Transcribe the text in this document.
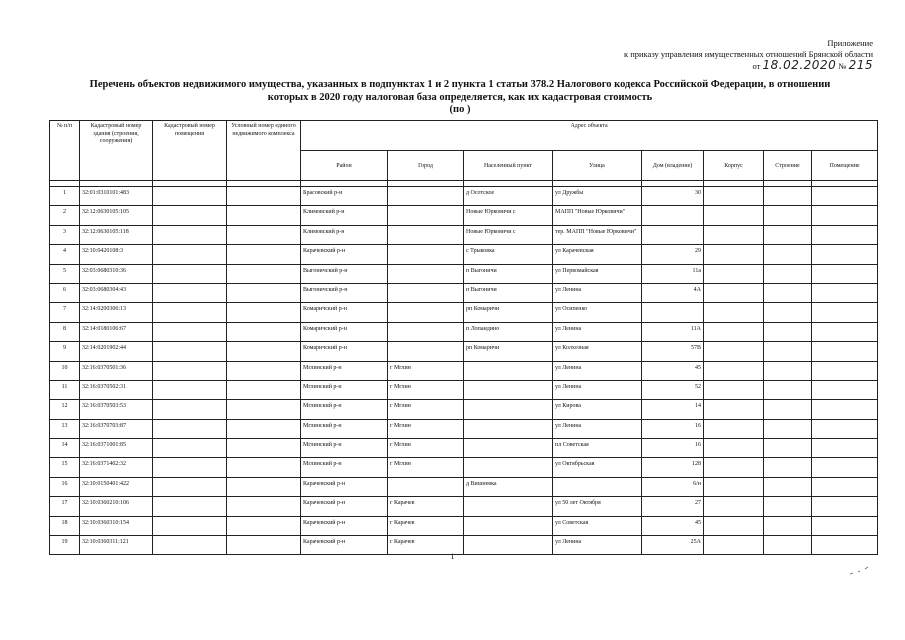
Приложение
к приказу управления имущественных отношений Брянской области
от 18.02.2020 № 215
Перечень объектов недвижимого имущества, указанных в подпунктах 1 и 2 пункта 1 статьи 378.2 Налогового кодекса Российской Федерации, в отношении
которых в 2020 году налоговая база определяется, как их кадастровая стоимость
(по )
№ п/п	Кадастровый номер здания (строения, сооружения)	Кадастровый номер помещения	Условный номер единого недвижимого комплекса	Адрес объекта							
				Район	Город	Населенный пункт	Улица	Дом (владение)	Корпус	Строение	Помещение

1	32:01:0310101:483			Брасовский р-н		д Осотское	ул Дружбы	30			
2	32:12:0630105:105			Климовский р-н		Новые Юрковичи с	МАПП "Новые Юрковичи"				
3	32:12:0630105:118			Климовский р-н		Новые Юрковичи с	тер. МАПП "Новые Юрковичи"				
4	32:10:0420108:3			Карачевский р-н		с Трыковка	ул Карачевская	29			
5	32:03:0680310:36			Выгоничский р-н		п Выгоничи	ул Первомайская	11а			
6	32:03:0680304:43			Выгоничский р-н		п Выгоничи	ул Ленина	4А			
7	32:14:0200306:13			Комаричский р-н		рп Комаричи	ул Осипенко				
8	32:14:0180106:67			Комаричский р-н		п Лопандино	ул Ленина	11А			
9	32:14:0201902:44			Комаричский р-н		рп Комаричи	ул Колхозная	57В			
10	32:16:0370501:36			Мглинский р-н	г Мглин		ул Ленина	45			
11	32:16:0370502:31			Мглинский р-н	г Мглин		ул Ленина	52			
12	32:16:0370503:53			Мглинский р-н	г Мглин		ул Кирова	14			
13	32:16:0370703:87			Мглинский р-н	г Мглин		ул Ленина	16			
14	32:16:0371001:85			Мглинский р-н	г Мглин		пл Советская	16			
15	32:16:0371402:32			Мглинский р-н	г Мглин		ул Октябрьская	128			
16	32:10:0150401:422			Карачевский р-н		д Вишневка		6/н			
17	32:10:0360210:106			Карачевский р-н	г Карачев		ул 50 лет Октября	27			
18	32:10:0360310:154			Карачевский р-н	г Карачев		ул Советская	45			
19	32:10:0360311:121			Карачевский р-н	г Карачев		ул Ленина	25А			
1
